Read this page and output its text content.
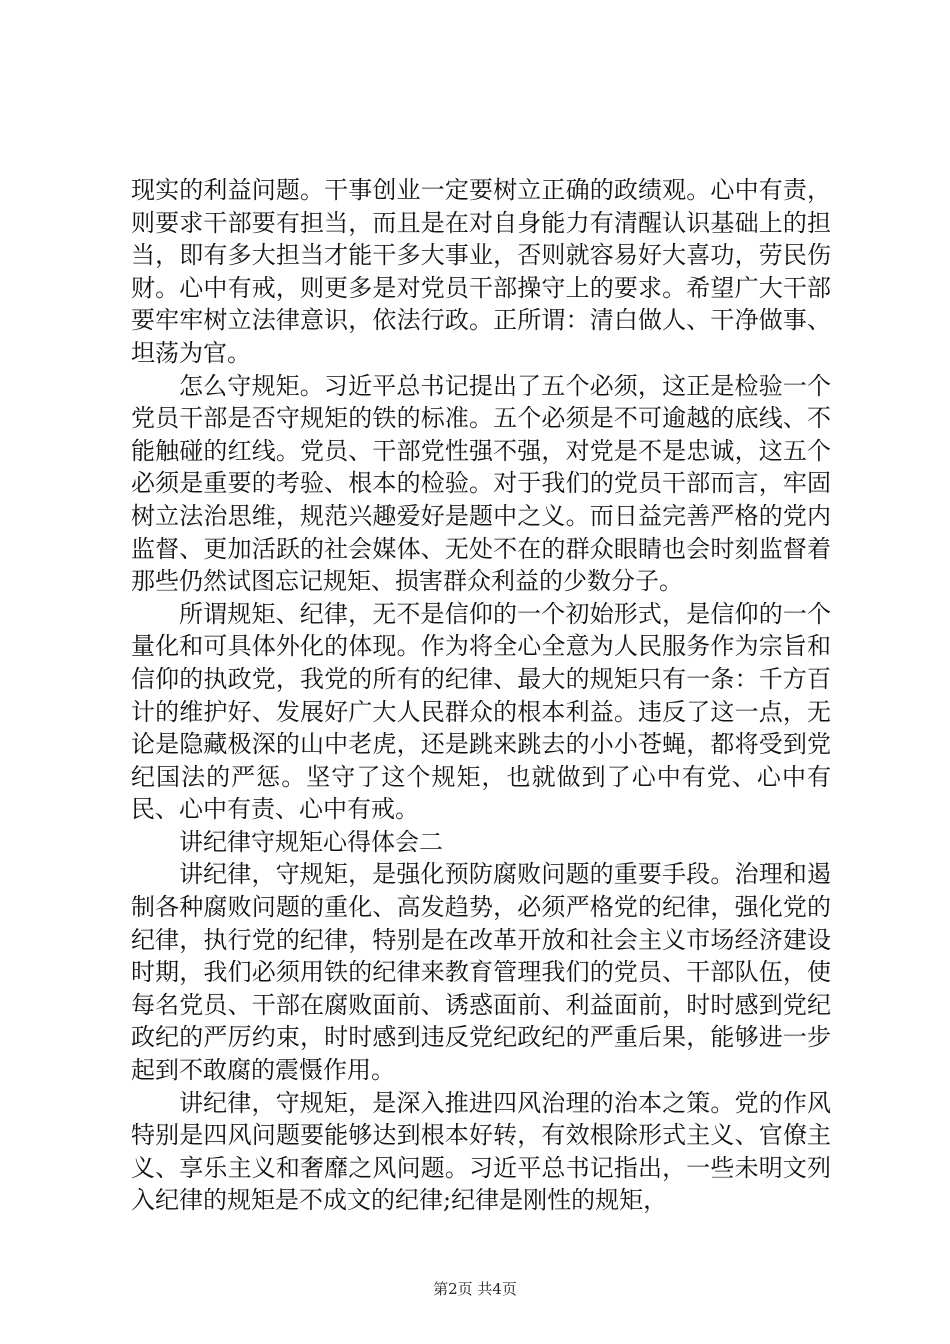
现实的利益问题。干事创业一定要树立正确的政绩观。心中有责，则要求干部要有担当，而且是在对自身能力有清醒认识基础上的担当，即有多大担当才能干多大事业，否则就容易好大喜功，劳民伤财。心中有戒，则更多是对党员干部操守上的要求。希望广大干部要牢牢树立法律意识，依法行政。正所谓：清白做人、干净做事、坦荡为官。

怎么守规矩。习近平总书记提出了五个必须，这正是检验一个党员干部是否守规矩的铁的标准。五个必须是不可逾越的底线、不能触碰的红线。党员、干部党性强不强，对党是不是忠诚，这五个必须是重要的考验、根本的检验。对于我们的党员干部而言，牢固树立法治思维，规范兴趣爱好是题中之义。而日益完善严格的党内监督、更加活跃的社会媒体、无处不在的群众眼睛也会时刻监督着那些仍然试图忘记规矩、损害群众利益的少数分子。

所谓规矩、纪律，无不是信仰的一个初始形式，是信仰的一个量化和可具体外化的体现。作为将全心全意为人民服务作为宗旨和信仰的执政党，我党的所有的纪律、最大的规矩只有一条：千方百计的维护好、发展好广大人民群众的根本利益。违反了这一点，无论是隐藏极深的山中老虎，还是跳来跳去的小小苍蝇，都将受到党纪国法的严惩。坚守了这个规矩，也就做到了心中有党、心中有民、心中有责、心中有戒。

讲纪律守规矩心得体会二

讲纪律，守规矩，是强化预防腐败问题的重要手段。治理和遏制各种腐败问题的重化、高发趋势，必须严格党的纪律，强化党的纪律，执行党的纪律，特别是在改革开放和社会主义市场经济建设时期，我们必须用铁的纪律来教育管理我们的党员、干部队伍，使每名党员、干部在腐败面前、诱惑面前、利益面前，时时感到党纪政纪的严厉约束，时时感到违反党纪政纪的严重后果，能够进一步起到不敢腐的震慑作用。

讲纪律，守规矩，是深入推进四风治理的治本之策。党的作风特别是四风问题要能够达到根本好转，有效根除形式主义、官僚主义、享乐主义和奢靡之风问题。习近平总书记指出，一些未明文列入纪律的规矩是不成文的纪律;纪律是刚性的规矩，

第2页 共4页
